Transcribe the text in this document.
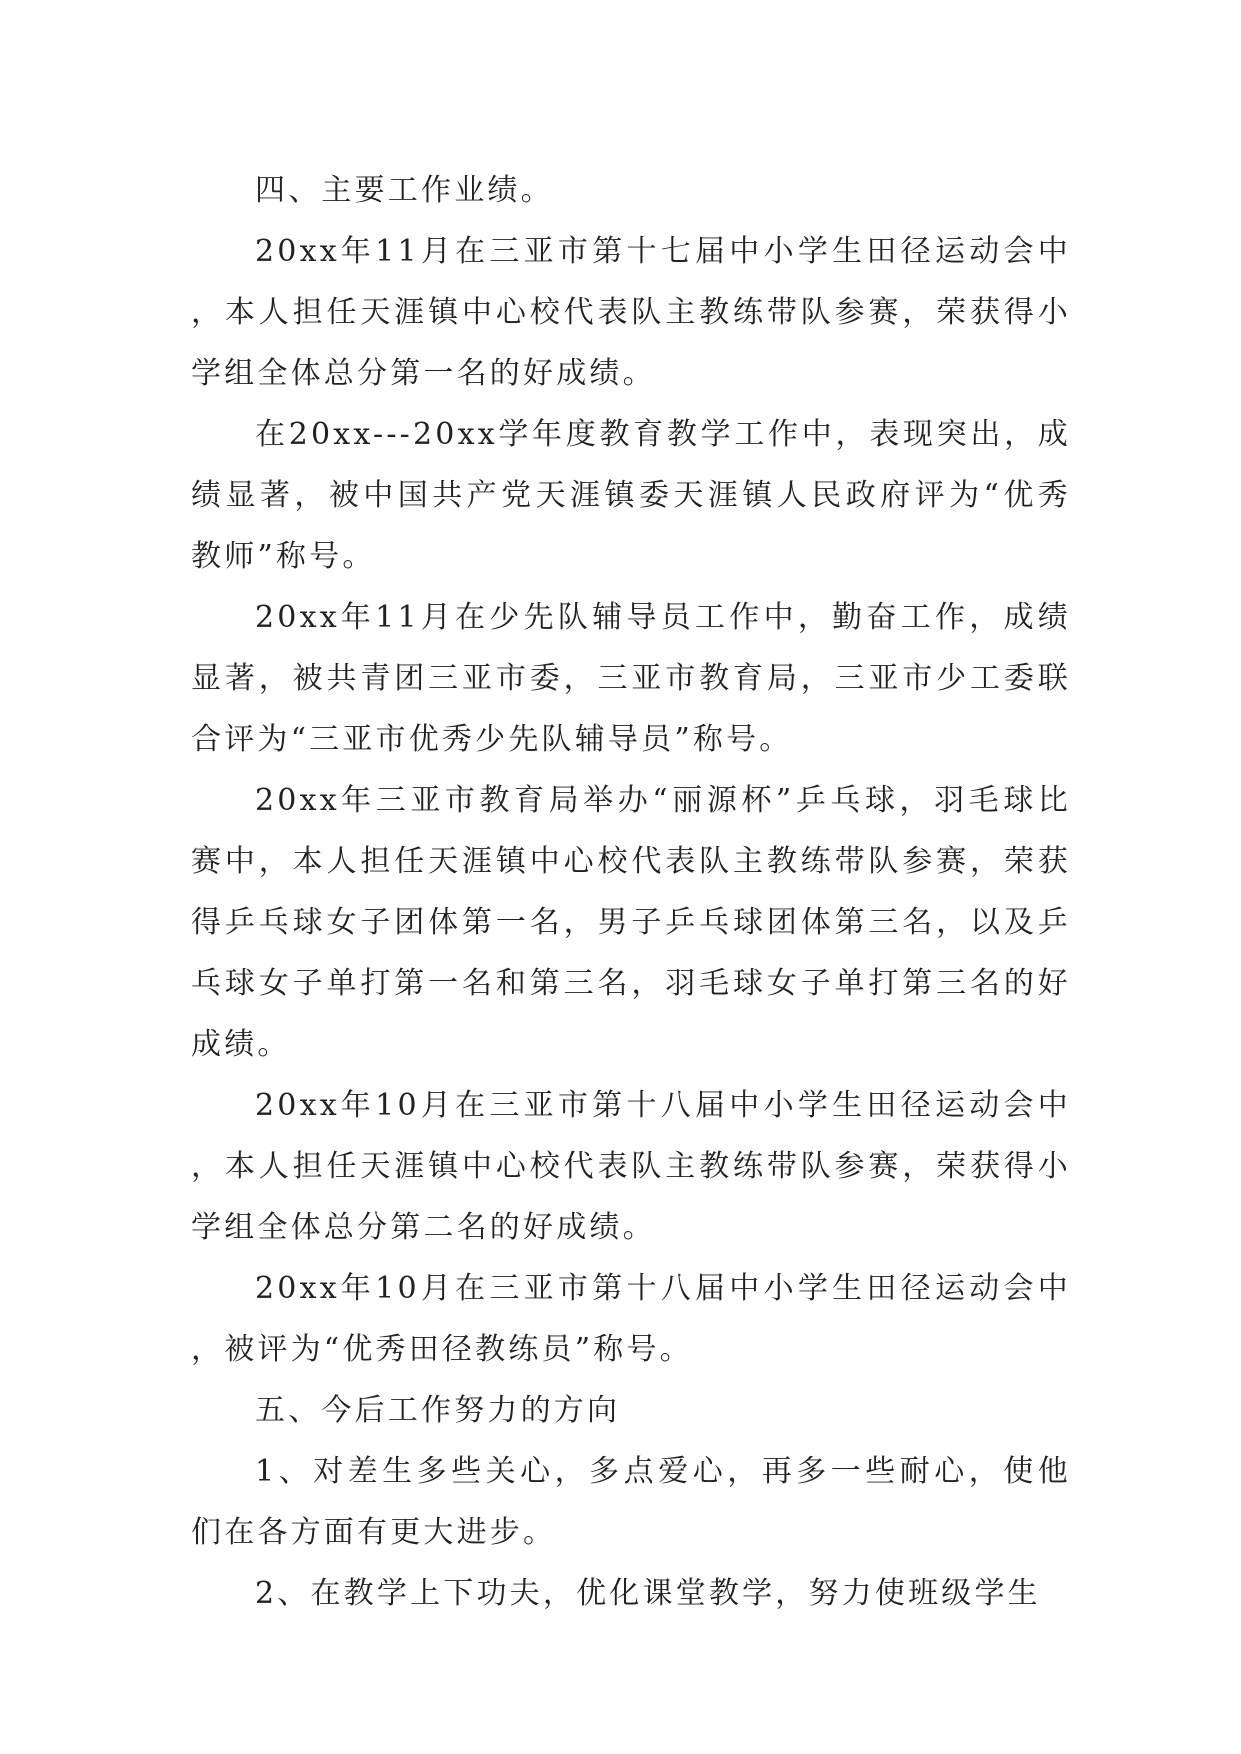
四、主要工作业绩。

20xx年11月在三亚市第十七届中小学生田径运动会中，本人担任天涯镇中心校代表队主教练带队参赛，荣获得小学组全体总分第一名的好成绩。

在20xx---20xx学年度教育教学工作中，表现突出，成绩显著，被中国共产党天涯镇委天涯镇人民政府评为“优秀教师”称号。

20xx年11月在少先队辅导员工作中，勤奋工作，成绩显著，被共青团三亚市委，三亚市教育局，三亚市少工委联合评为“三亚市优秀少先队辅导员”称号。

20xx年三亚市教育局举办“丽源杯”乒乓球，羽毛球比赛中，本人担任天涯镇中心校代表队主教练带队参赛，荣获得乒乓球女子团体第一名，男子乒乓球团体第三名，以及乒乓球女子单打第一名和第三名，羽毛球女子单打第三名的好成绩。

20xx年10月在三亚市第十八届中小学生田径运动会中，本人担任天涯镇中心校代表队主教练带队参赛，荣获得小学组全体总分第二名的好成绩。

20xx年10月在三亚市第十八届中小学生田径运动会中，被评为“优秀田径教练员”称号。

五、今后工作努力的方向

1、对差生多些关心，多点爱心，再多一些耐心，使他们在各方面有更大进步。

2、在教学上下功夫，优化课堂教学，努力使班级学生
